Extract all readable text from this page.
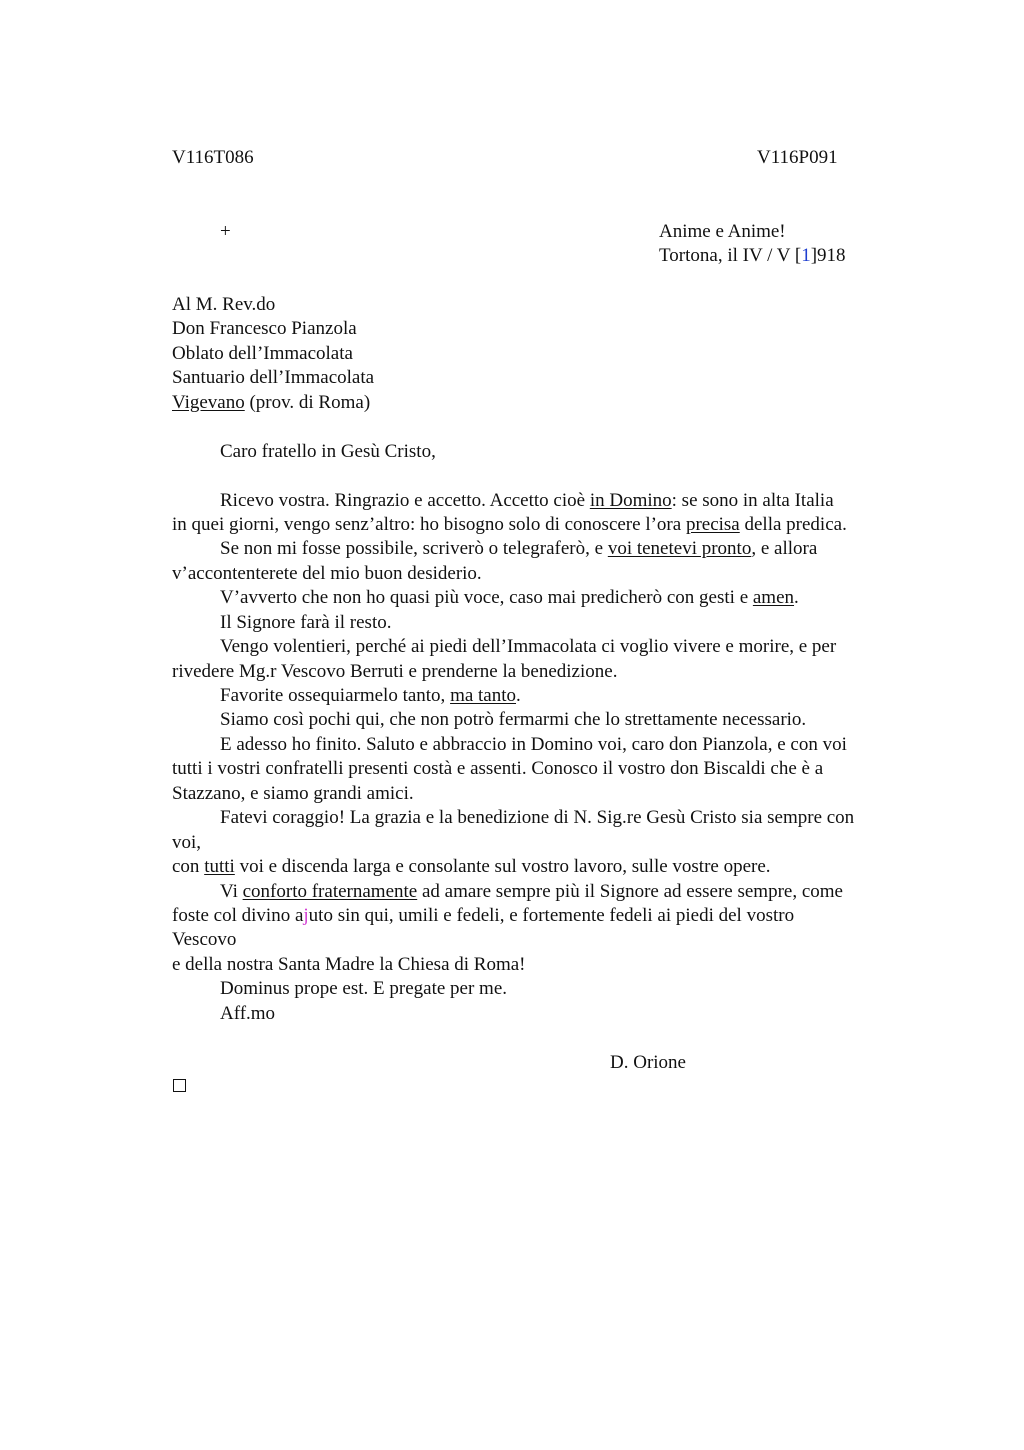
V116T086	V116P091
+	Anime e Anime!
Tortona, il IV / V [1]918
Al M. Rev.do
Don Francesco Pianzola
Oblato dell’Immacolata
Santuario dell’Immacolata
Vigevano (prov. di Roma)
Caro fratello in Gesù Cristo,
Ricevo vostra. Ringrazio e accetto. Accetto cioè in Domino: se sono in alta Italia
in quei giorni, vengo senz’altro: ho bisogno solo di conoscere l’ora precisa della predica.
Se non mi fosse possibile, scriverò o telegraferò, e voi tenetevi pronto, e allora
v’accontenterete del mio buon desiderio.
V’avverto che non ho quasi più voce, caso mai predicherò con gesti e amen.
Il Signore farà il resto.
Vengo volentieri, perché ai piedi dell’Immacolata ci voglio vivere e morire, e per
rivedere Mg.r Vescovo Berruti e prenderne la benedizione.
Favorite ossequiarmelo tanto, ma tanto.
Siamo così pochi qui, che non potrò fermarmi che lo strettamente necessario.
E adesso ho finito. Saluto e abbraccio in Domino voi, caro don Pianzola, e con voi
tutti i vostri confratelli presenti costà e assenti. Conosco il vostro don Biscaldi che è a
Stazzano, e siamo grandi amici.
Fatevi coraggio! La grazia e la benedizione di N. Sig.re Gesù Cristo sia sempre con
voi,
con tutti voi e discenda larga e consolante sul vostro lavoro, sulle vostre opere.
Vi conforto fraternamente ad amare sempre più il Signore ad essere sempre, come
foste col divino ajuto sin qui, umili e fedeli, e fortemente fedeli ai piedi del vostro
Vescovo
e della nostra Santa Madre la Chiesa di Roma!
Dominus prope est. E pregate per me.
Aff.mo
D. Orione
